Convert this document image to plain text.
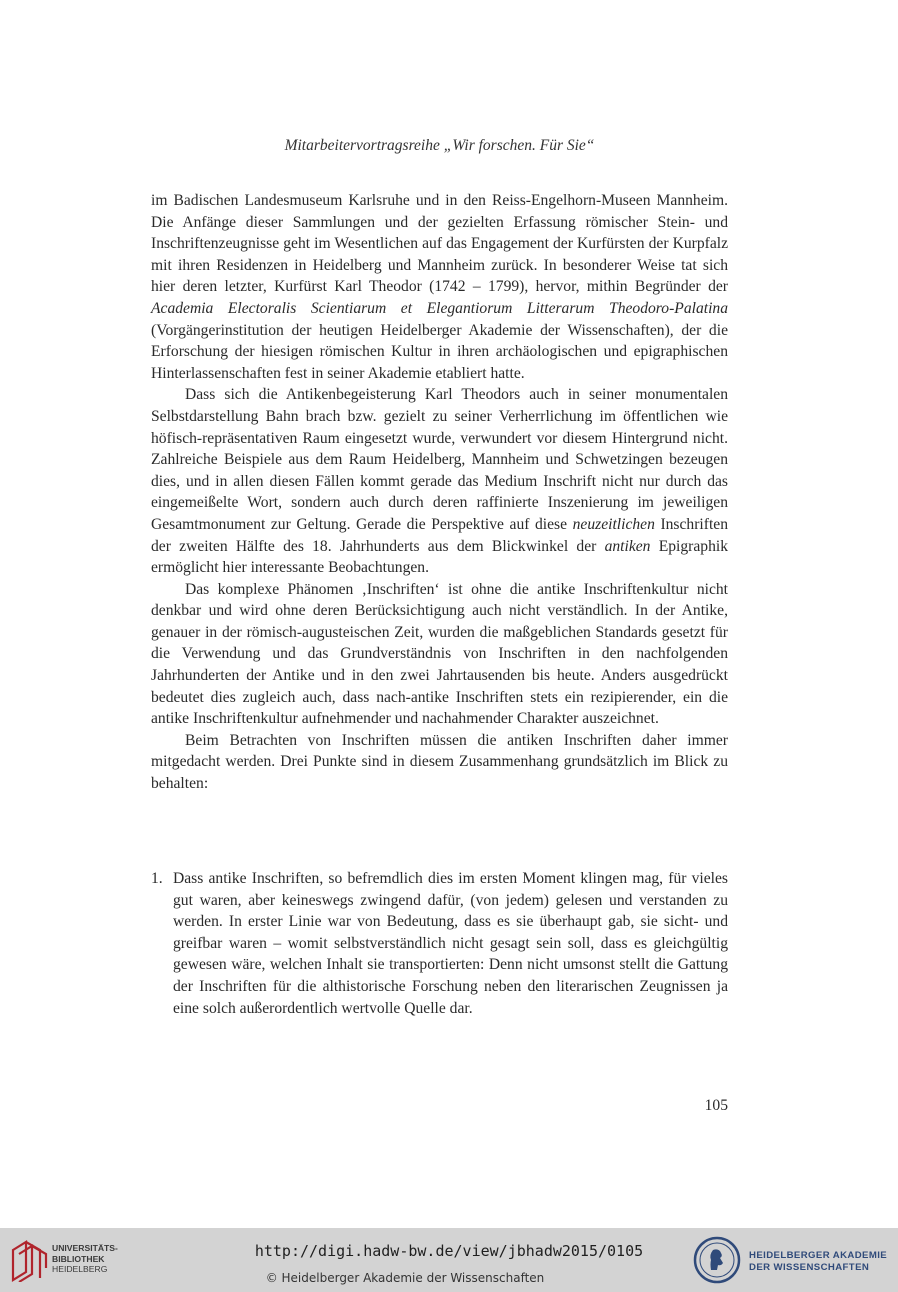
Mitarbeitervortragsreihe „Wir forschen. Für Sie“

im Badischen Landesmuseum Karlsruhe und in den Reiss-Engelhorn-Museen Mannheim. Die Anfänge dieser Sammlungen und der gezielten Erfassung römischer Stein- und Inschriftenzeugnisse geht im Wesentlichen auf das Engagement der Kurfürsten der Kurpfalz mit ihren Residenzen in Heidelberg und Mannheim zurück. In besonderer Weise tat sich hier deren letzter, Kurfürst Karl Theodor (1742 – 1799), hervor, mithin Begründer der Academia Electoralis Scientiarum et Elegantiorum Litterarum Theodoro-Palatina (Vorgängerinstitution der heutigen Heidelberger Akademie der Wissenschaften), der die Erforschung der hiesigen römischen Kultur in ihren archäologischen und epigraphischen Hinterlassenschaften fest in seiner Akademie etabliert hatte.

Dass sich die Antikenbegeisterung Karl Theodors auch in seiner monumentalen Selbstdarstellung Bahn brach bzw. gezielt zu seiner Verherrlichung im öffentlichen wie höfisch-repräsentativen Raum eingesetzt wurde, verwundert vor diesem Hintergrund nicht. Zahlreiche Beispiele aus dem Raum Heidelberg, Mannheim und Schwetzingen bezeugen dies, und in allen diesen Fällen kommt gerade das Medium Inschrift nicht nur durch das eingemeißelte Wort, sondern auch durch deren raffinierte Inszenierung im jeweiligen Gesamtmonument zur Geltung. Gerade die Perspektive auf diese neuzeitlichen Inschriften der zweiten Hälfte des 18. Jahrhunderts aus dem Blickwinkel der antiken Epigraphik ermöglicht hier interessante Beobachtungen.

Das komplexe Phänomen ‚Inschriften‘ ist ohne die antike Inschriftenkultur nicht denkbar und wird ohne deren Berücksichtigung auch nicht verständlich. In der Antike, genauer in der römisch-augusteischen Zeit, wurden die maßgeblichen Standards gesetzt für die Verwendung und das Grundverständnis von Inschriften in den nachfolgenden Jahrhunderten der Antike und in den zwei Jahrtausenden bis heute. Anders ausgedrückt bedeutet dies zugleich auch, dass nach-antike Inschriften stets ein rezipierender, ein die antike Inschriftenkultur aufnehmender und nachahmender Charakter auszeichnet.

Beim Betrachten von Inschriften müssen die antiken Inschriften daher immer mitgedacht werden. Drei Punkte sind in diesem Zusammenhang grundsätzlich im Blick zu behalten:

1. Dass antike Inschriften, so befremdlich dies im ersten Moment klingen mag, für vieles gut waren, aber keineswegs zwingend dafür, (von jedem) gelesen und verstanden zu werden. In erster Linie war von Bedeutung, dass es sie überhaupt gab, sie sicht- und greifbar waren – womit selbstverständlich nicht gesagt sein soll, dass es gleichgültig gewesen wäre, welchen Inhalt sie transportierten: Denn nicht umsonst stellt die Gattung der Inschriften für die althistorische Forschung neben den literarischen Zeugnissen ja eine solch außerordentlich wertvolle Quelle dar.
105
UNIVERSITÄTS-
BIBLIOTHEK
HEIDELBERG
http://digi.hadw-bw.de/view/jbhadw2015/0105
© Heidelberger Akademie der Wissenschaften
HEIDELBERGER AKADEMIE
DER WISSENSCHAFTEN
